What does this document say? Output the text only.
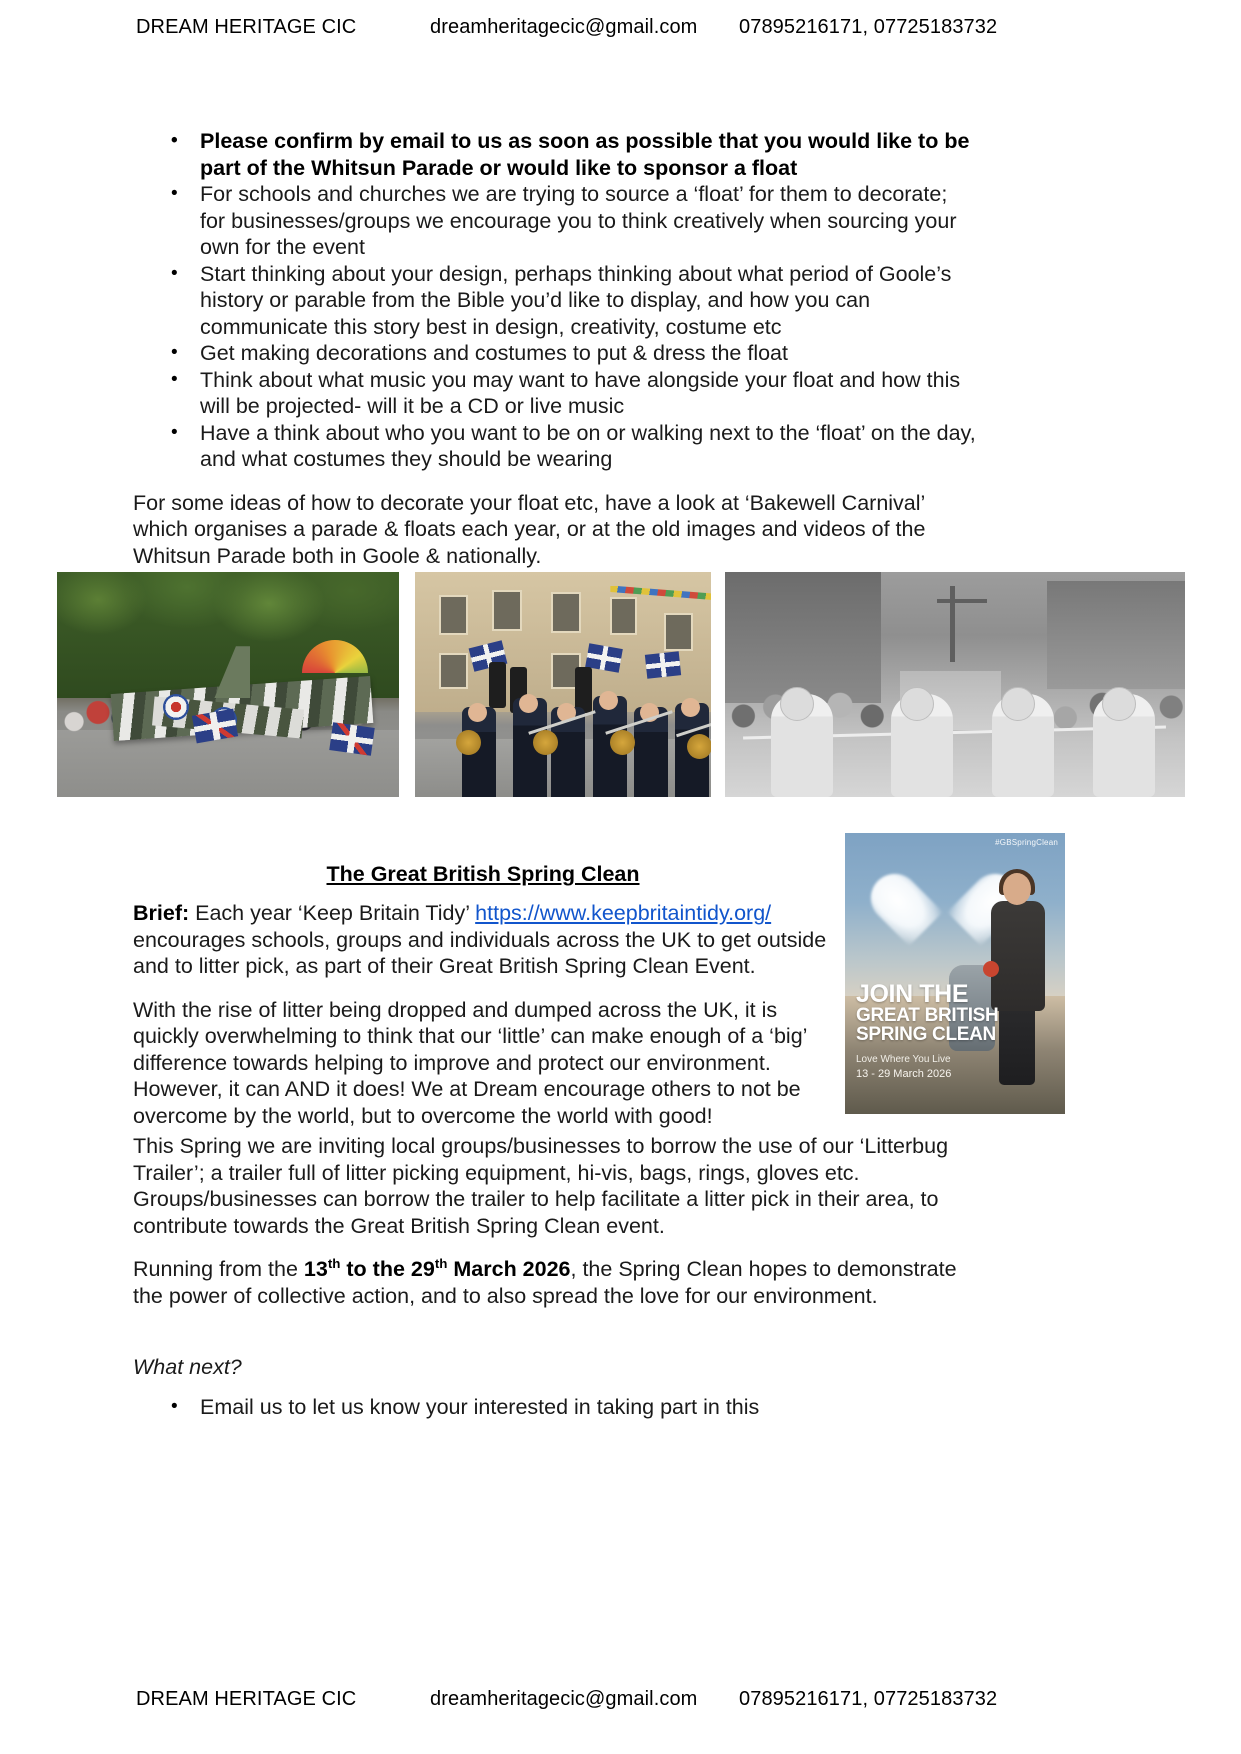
DREAM HERITAGE CIC	dreamheritagecic@gmail.com 07895216171, 07725183732
• Please confirm by email to us as soon as possible that you would like to be part of the Whitsun Parade or would like to sponsor a float
• For schools and churches we are trying to source a ‘float’ for them to decorate; for businesses/groups we encourage you to think creatively when sourcing your own for the event
• Start thinking about your design, perhaps thinking about what period of Goole’s history or parable from the Bible you’d like to display, and how you can communicate this story best in design, creativity, costume etc
• Get making decorations and costumes to put & dress the float
• Think about what music you may want to have alongside your float and how this will be projected- will it be a CD or live music
• Have a think about who you want to be on or walking next to the ‘float’ on the day, and what costumes they should be wearing

For some ideas of how to decorate your float etc, have a look at ‘Bakewell Carnival’ which organises a parade & floats each year, or at the old images and videos of the Whitsun Parade both in Goole & nationally.

#GBSpringClean
JOIN THE
GREAT BRITISH
SPRING CLEAN
Love Where You Live
13 - 29 March 2026
The Great British Spring Clean

Brief: Each year ‘Keep Britain Tidy’ https://www.keepbritaintidy.org/ encourages schools, groups and individuals across the UK to get outside and to litter pick, as part of their Great British Spring Clean Event.

With the rise of litter being dropped and dumped across the UK, it is quickly overwhelming to think that our ‘little’ can make enough of a ‘big’ difference towards helping to improve and protect our environment. However, it can AND it does! We at Dream encourage others to not be overcome by the world, but to overcome the world with good!

This Spring we are inviting local groups/businesses to borrow the use of our ‘Litterbug Trailer’; a trailer full of litter picking equipment, hi-vis, bags, rings, gloves etc. Groups/businesses can borrow the trailer to help facilitate a litter pick in their area, to contribute towards the Great British Spring Clean event.

Running from the 13th to the 29th March 2026, the Spring Clean hopes to demonstrate the power of collective action, and to also spread the love for our environment.

What next?

• Email us to let us know your interested in taking part in this
DREAM HERITAGE CIC	dreamheritagecic@gmail.com 07895216171, 07725183732
